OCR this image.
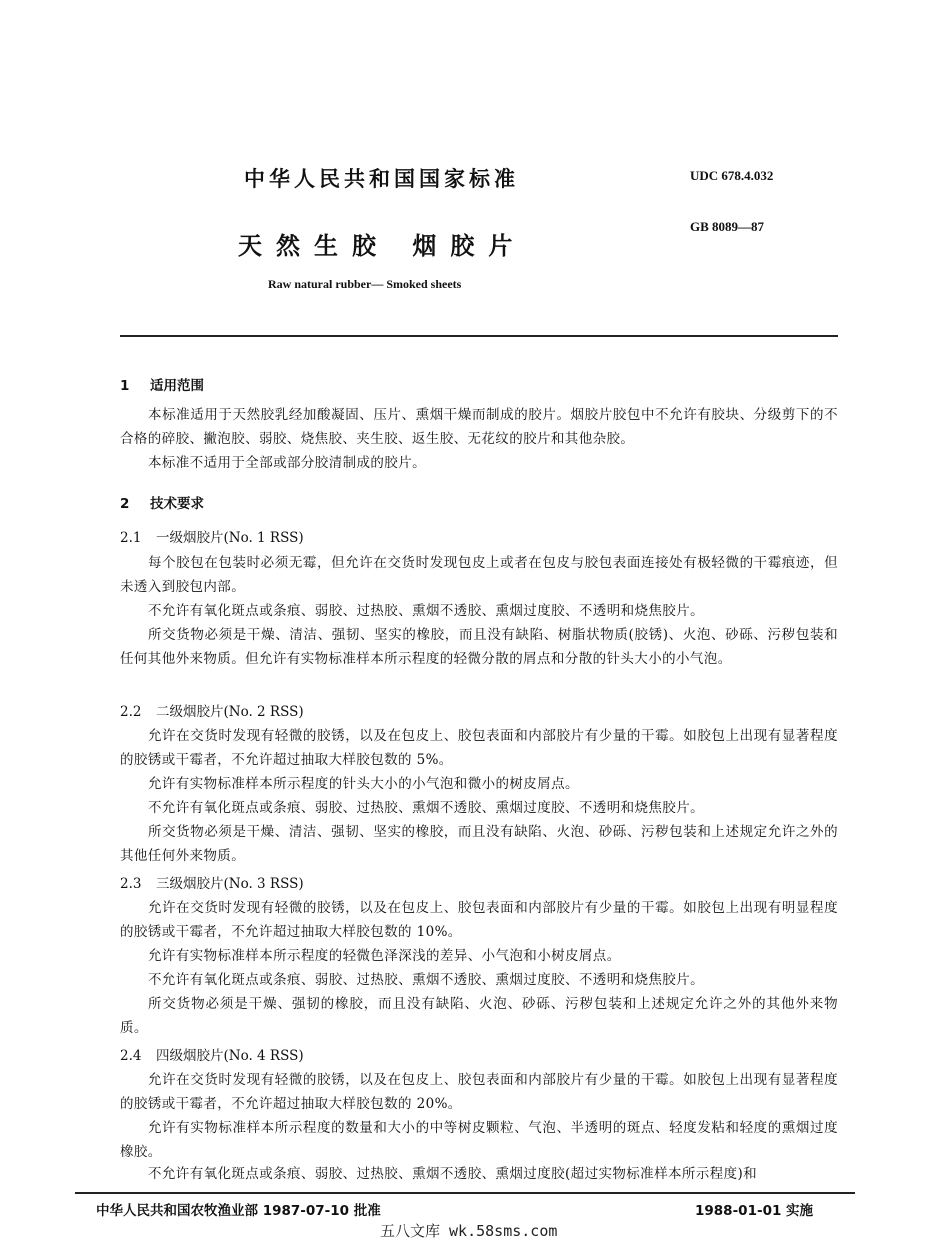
中华人民共和国国家标准	UDC 678.4.032
GB 8089—87
天然生胶 烟胶片
Raw natural rubber— Smoked sheets
1 适用范围
本标准适用于天然胶乳经加酸凝固、压片、熏烟干燥而制成的胶片。烟胶片胶包中不允许有胶块、分级剪下的不合格的碎胶、撇泡胶、弱胶、烧焦胶、夹生胶、返生胶、无花纹的胶片和其他杂胶。
本标准不适用于全部或部分胶清制成的胶片。
2 技术要求
2.1 一级烟胶片(No. 1 RSS)
每个胶包在包装时必须无霉，但允许在交货时发现包皮上或者在包皮与胶包表面连接处有极轻微的干霉痕迹，但未透入到胶包内部。
不允许有氧化斑点或条痕、弱胶、过热胶、熏烟不透胶、熏烟过度胶、不透明和烧焦胶片。
所交货物必须是干燥、清洁、强韧、坚实的橡胶，而且没有缺陷、树脂状物质(胶锈)、火泡、砂砾、污秽包装和任何其他外来物质。但允许有实物标准样本所示程度的轻微分散的屑点和分散的针头大小的小气泡。
2.2 二级烟胶片(No. 2 RSS)
允许在交货时发现有轻微的胶锈，以及在包皮上、胶包表面和内部胶片有少量的干霉。如胶包上出现有显著程度的胶锈或干霉者，不允许超过抽取大样胶包数的 5%。
允许有实物标准样本所示程度的针头大小的小气泡和微小的树皮屑点。
不允许有氧化斑点或条痕、弱胶、过热胶、熏烟不透胶、熏烟过度胶、不透明和烧焦胶片。
所交货物必须是干燥、清洁、强韧、坚实的橡胶，而且没有缺陷、火泡、砂砾、污秽包装和上述规定允许之外的其他任何外来物质。
2.3 三级烟胶片(No. 3 RSS)
允许在交货时发现有轻微的胶锈，以及在包皮上、胶包表面和内部胶片有少量的干霉。如胶包上出现有明显程度的胶锈或干霉者，不允许超过抽取大样胶包数的 10%。
允许有实物标准样本所示程度的轻微色泽深浅的差异、小气泡和小树皮屑点。
不允许有氧化斑点或条痕、弱胶、过热胶、熏烟不透胶、熏烟过度胶、不透明和烧焦胶片。
所交货物必须是干燥、强韧的橡胶，而且没有缺陷、火泡、砂砾、污秽包装和上述规定允许之外的其他外来物质。
2.4 四级烟胶片(No. 4 RSS)
允许在交货时发现有轻微的胶锈，以及在包皮上、胶包表面和内部胶片有少量的干霉。如胶包上出现有显著程度的胶锈或干霉者，不允许超过抽取大样胶包数的 20%。
允许有实物标准样本所示程度的数量和大小的中等树皮颗粒、气泡、半透明的斑点、轻度发粘和轻度的熏烟过度橡胶。
不允许有氧化斑点或条痕、弱胶、过热胶、熏烟不透胶、熏烟过度胶(超过实物标准样本所示程度)和
中华人民共和国农牧渔业部 1987-07-10 批准	1988-01-01 实施
五八文库 wk.58sms.com
